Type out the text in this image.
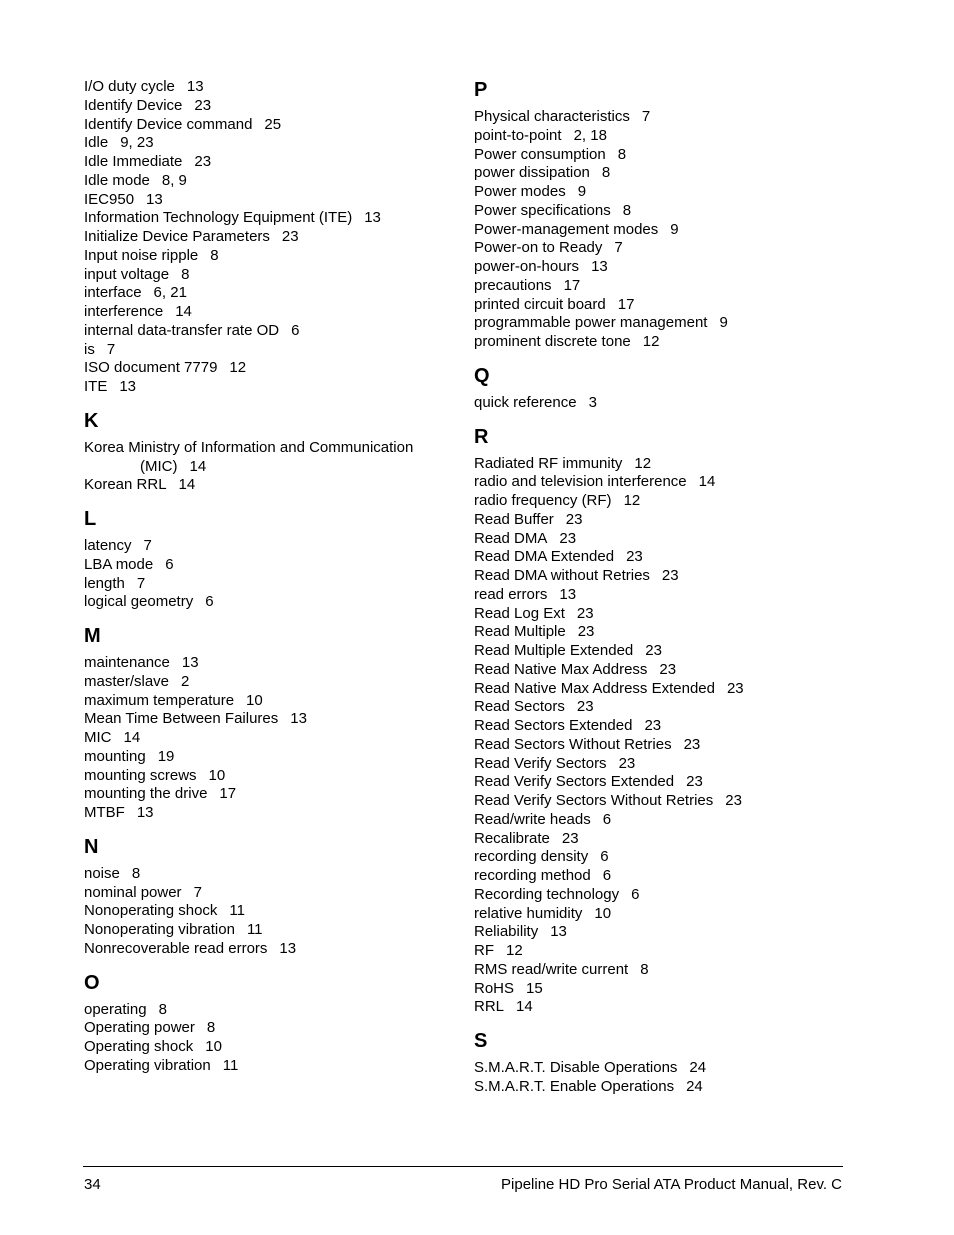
I/O duty cycle 13
Identify Device 23
Identify Device command 25
Idle 9, 23
Idle Immediate 23
Idle mode 8, 9
IEC950 13
Information Technology Equipment (ITE) 13
Initialize Device Parameters 23
Input noise ripple 8
input voltage 8
interface 6, 21
interference 14
internal data-transfer rate OD 6
is 7
ISO document 7779 12
ITE 13
K
Korea Ministry of Information and Communication
(MIC) 14
Korean RRL 14
L
latency 7
LBA mode 6
length 7
logical geometry 6
M
maintenance 13
master/slave 2
maximum temperature 10
Mean Time Between Failures 13
MIC 14
mounting 19
mounting screws 10
mounting the drive 17
MTBF 13
N
noise 8
nominal power 7
Nonoperating shock 11
Nonoperating vibration 11
Nonrecoverable read errors 13
O
operating 8
Operating power 8
Operating shock 10
Operating vibration 11
P
Physical characteristics 7
point-to-point 2, 18
Power consumption 8
power dissipation 8
Power modes 9
Power specifications 8
Power-management modes 9
Power-on to Ready 7
power-on-hours 13
precautions 17
printed circuit board 17
programmable power management 9
prominent discrete tone 12
Q
quick reference 3
R
Radiated RF immunity 12
radio and television interference 14
radio frequency (RF) 12
Read Buffer 23
Read DMA 23
Read DMA Extended 23
Read DMA without Retries 23
read errors 13
Read Log Ext 23
Read Multiple 23
Read Multiple Extended 23
Read Native Max Address 23
Read Native Max Address Extended 23
Read Sectors 23
Read Sectors Extended 23
Read Sectors Without Retries 23
Read Verify Sectors 23
Read Verify Sectors Extended 23
Read Verify Sectors Without Retries 23
Read/write heads 6
Recalibrate 23
recording density 6
recording method 6
Recording technology 6
relative humidity 10
Reliability 13
RF 12
RMS read/write current 8
RoHS 15
RRL 14
S
S.M.A.R.T. Disable Operations 24
S.M.A.R.T. Enable Operations 24
34	Pipeline HD Pro Serial ATA Product Manual, Rev. C
